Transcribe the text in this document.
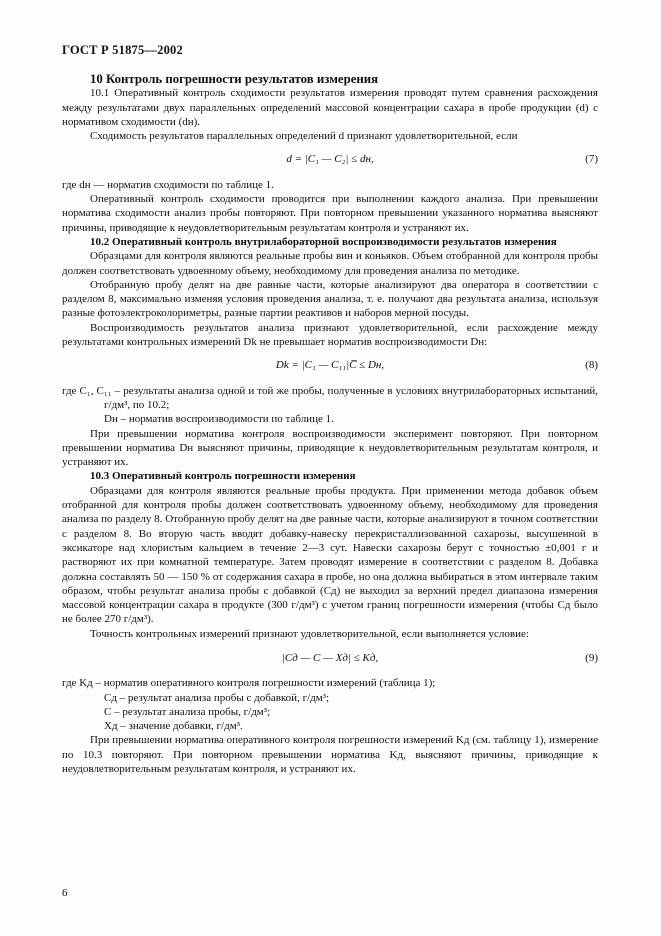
ГОСТ Р 51875—2002

10 Контроль погрешности результатов измерения

10.1 Оперативный контроль сходимости результатов измерения проводят путем сравнения расхождения между результатами двух параллельных определений массовой концентрации сахара в пробе продукции (d) с нормативом сходимости (dн).

Сходимость результатов параллельных определений d признают удовлетворительной, если

d = |C₁ — C₂| ≤ dн,	(7)

где dн — норматив сходимости по таблице 1.

Оперативный контроль сходимости проводится при выполнении каждого анализа. При превышении норматива сходимости анализ пробы повторяют. При повторном превышении указанного норматива выясняют причины, приводящие к неудовлетворительным результатам контроля и устраняют их.

10.2 Оперативный контроль внутрилабораторной воспроизводимости результатов измерения

Образцами для контроля являются реальные пробы вин и коньяков. Объем отобранной для контроля пробы должен соответствовать удвоенному объему, необходимому для проведения анализа по методике.

Отобранную пробу делят на две равные части, которые анализируют два оператора в соответствии с разделом 8, максимально изменяя условия проведения анализа, т. е. получают два результата анализа, используя разные фотоэлектроколориметры, разные партии реактивов и наборов мерной посуды.

Воспроизводимость результатов анализа признают удовлетворительной, если расхождение между результатами контрольных измерений Dk не превышает норматив воспроизводимости Dн:

Dk = |C₁ — C₁₁|C̅ ≤ Dн,	(8)

где C₁, C₁₁ – результаты анализа одной и той же пробы, полученные в условиях внутрилабораторных испытаний, г/дм³, по 10.2;

Dн – норматив воспроизводимости по таблице 1.

При превышении норматива контроля воспроизводимости эксперимент повторяют. При повторном превышении норматива Dн выясняют причины, приводящие к неудовлетворительным результатам контроля, и устраняют их.

10.3 Оперативный контроль погрешности измерения

Образцами для контроля являются реальные пробы продукта. При применении метода добавок объем отобранной для контроля пробы должен соответствовать удвоенному объему, необходимому для проведения анализа по разделу 8. Отобранную пробу делят на две равные части, которые анализируют в точном соответствии с разделом 8. Во вторую часть вводят добавку-навеску перекристаллизованной сахарозы, высушенной в эксикаторе над хлористым кальцием в течение 2—3 сут. Навески сахарозы берут с точностью ±0,001 г и растворяют их при комнатной температуре. Затем проводят измерение в соответствии с разделом 8. Добавка должна составлять 50 — 150 % от содержания сахара в пробе, но она должна выбираться в этом интервале таким образом, чтобы результат анализа пробы с добавкой (Cд) не выходил за верхний предел диапазона измерения массовой концентрации сахара в продукте (300 г/дм³) с учетом границ погрешности измерения (чтобы Cд было не более 270 г/дм³).

Точность контрольных измерений признают удовлетворительной, если выполняется условие:

|Cд — C — Xд| ≤ Kд,	(9)

где Kд – норматив оперативного контроля погрешности измерений (таблица 1);

Cд – результат анализа пробы с добавкой, г/дм³;

C – результат анализа пробы, г/дм³;

Xд – значение добавки, г/дм³.

При превышении норматива оперативного контроля погрешности измерений Kд (см. таблицу 1), измерение по 10.3 повторяют. При повторном превышении норматива Kд, выясняют причины, приводящие к неудовлетворительным результатам контроля, и устраняют их.

6
